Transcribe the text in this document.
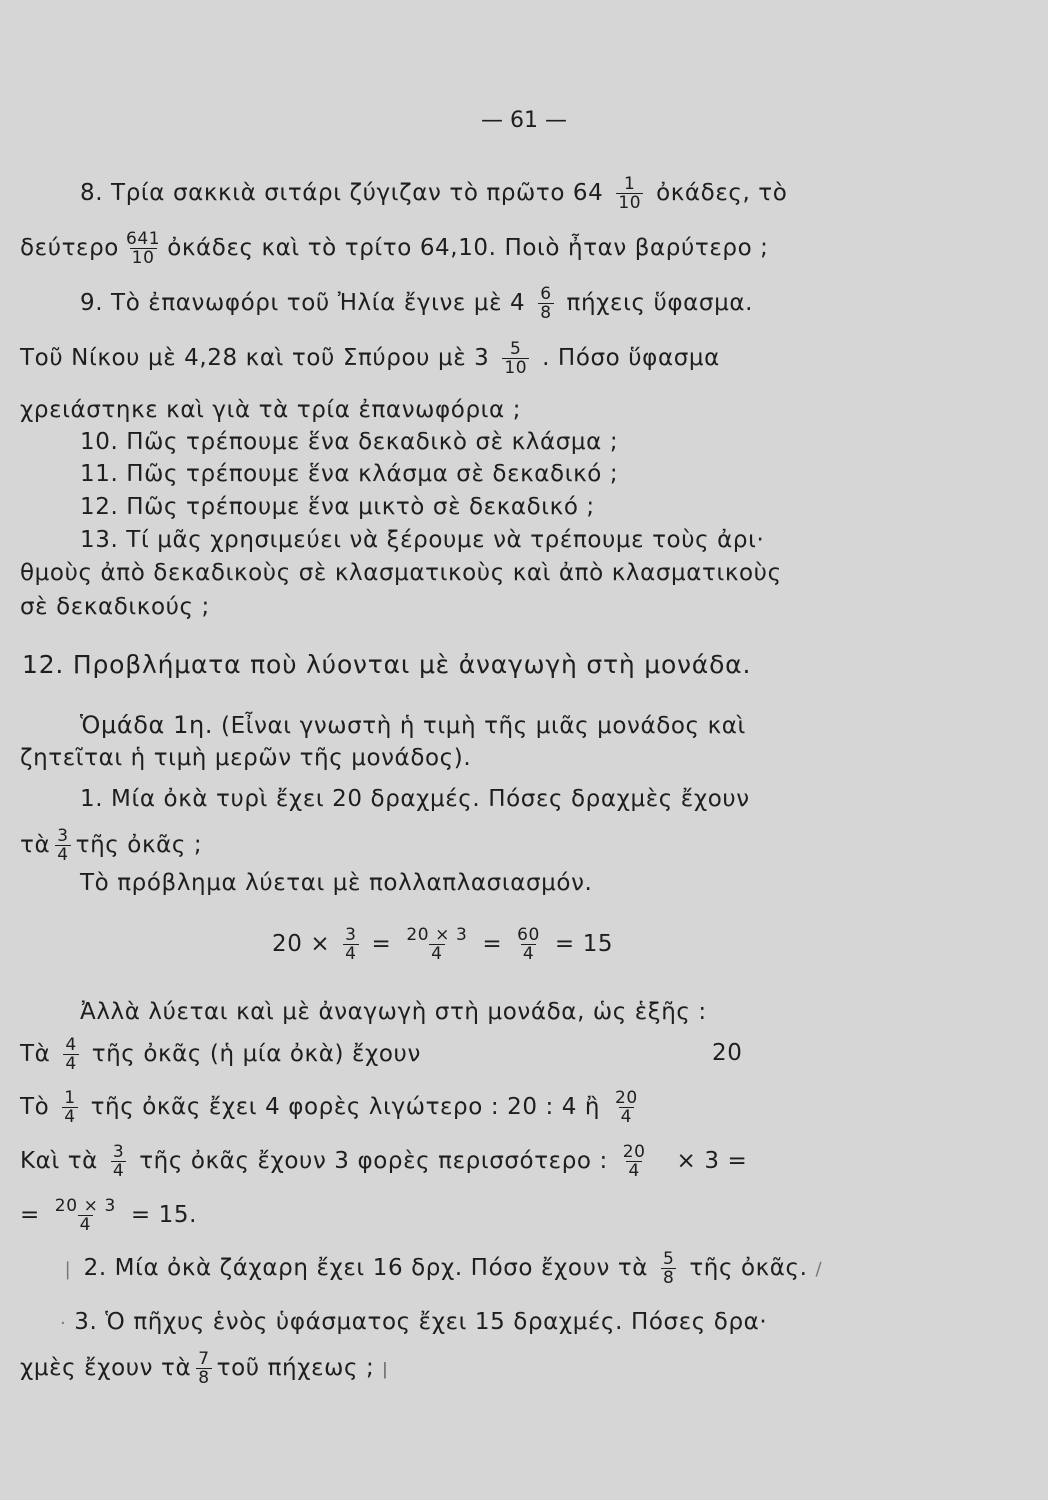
— 61 —
8. Τρία σακκιὰ σιτάρι ζύγιζαν τὸ πρῶτο $64 \frac{1}{10}$ ὀκάδες, τὸ
δεύτερο $\frac{641}{10}$ ὀκάδες καὶ τὸ τρίτο 64,10. Ποιὸ ἦταν βαρύτερο ;
9. Τὸ ἐπανωφόρι τοῦ Ἠλία ἔγινε μὲ $4 \frac{6}{8}$ πήχεις ὕφασμα.
Τοῦ Νίκου μὲ 4,28 καὶ τοῦ Σπύρου μὲ $3 \frac{5}{10}$ . Πόσο ὕφασμα
χρειάστηκε καὶ γιὰ τὰ τρία ἐπανωφόρια ;
10. Πῶς τρέπουμε ἕνα δεκαδικὸ σὲ κλάσμα ;
11. Πῶς τρέπουμε ἕνα κλάσμα σὲ δεκαδικό ;
12. Πῶς τρέπουμε ἕνα μικτὸ σὲ δεκαδικό ;
13. Τί μᾶς χρησιμεύει νὰ ξέρουμε νὰ τρέπουμε τοὺς ἀρι·
θμοὺς ἀπὸ δεκαδικοὺς σὲ κλασματικοὺς καὶ ἀπὸ κλασματικοὺς
σὲ δεκαδικούς ;
12. Προβλήματα ποὺ λύονται μὲ ἀναγωγὴ στὴ μονάδα.
Ὁμάδα 1η. (Εἶναι γνωστὴ ἡ τιμὴ τῆς μιᾶς μονάδος καὶ
ζητεῖται ἡ τιμὴ μερῶν τῆς μονάδος).
1. Μία ὀκὰ τυρὶ ἔχει 20 δραχμές. Πόσες δραχμὲς ἔχουν
τὰ $\frac{3}{4}$ τῆς ὀκᾶς ;
Τὸ πρόβλημα λύεται μὲ πολλαπλασιασμόν.
$20 \times \frac{3}{4} = \frac{20 \times 3}{4} = \frac{60}{4} = 15$
Ἀλλὰ λύεται καὶ μὲ ἀναγωγὴ στὴ μονάδα, ὡς ἑξῆς :
Τὰ $\frac{4}{4}$ τῆς ὀκᾶς (ἡ μία ὀκὰ) ἔχουν	20
Τὸ $\frac{1}{4}$ τῆς ὀκᾶς ἔχει 4 φορὲς λιγώτερο : 20 : 4 ἢ $\frac{20}{4}$
Καὶ τὰ $\frac{3}{4}$ τῆς ὀκᾶς ἔχουν 3 φορὲς περισσότερο : $\frac{20}{4} \times 3$ =
= $\frac{20 \times 3}{4} = 15$.
❘ 2. Μία ὀκὰ ζάχαρη ἔχει 16 δρχ. Πόσο ἔχουν τὰ $\frac{5}{8}$ τῆς ὀκᾶς. ∕
· 3. Ὁ πῆχυς ἑνὸς ὑφάσματος ἔχει 15 δραχμές. Πόσες δρα·
χμὲς ἔχουν τὰ $\frac{7}{8}$ τοῦ πήχεως ; ǀ
